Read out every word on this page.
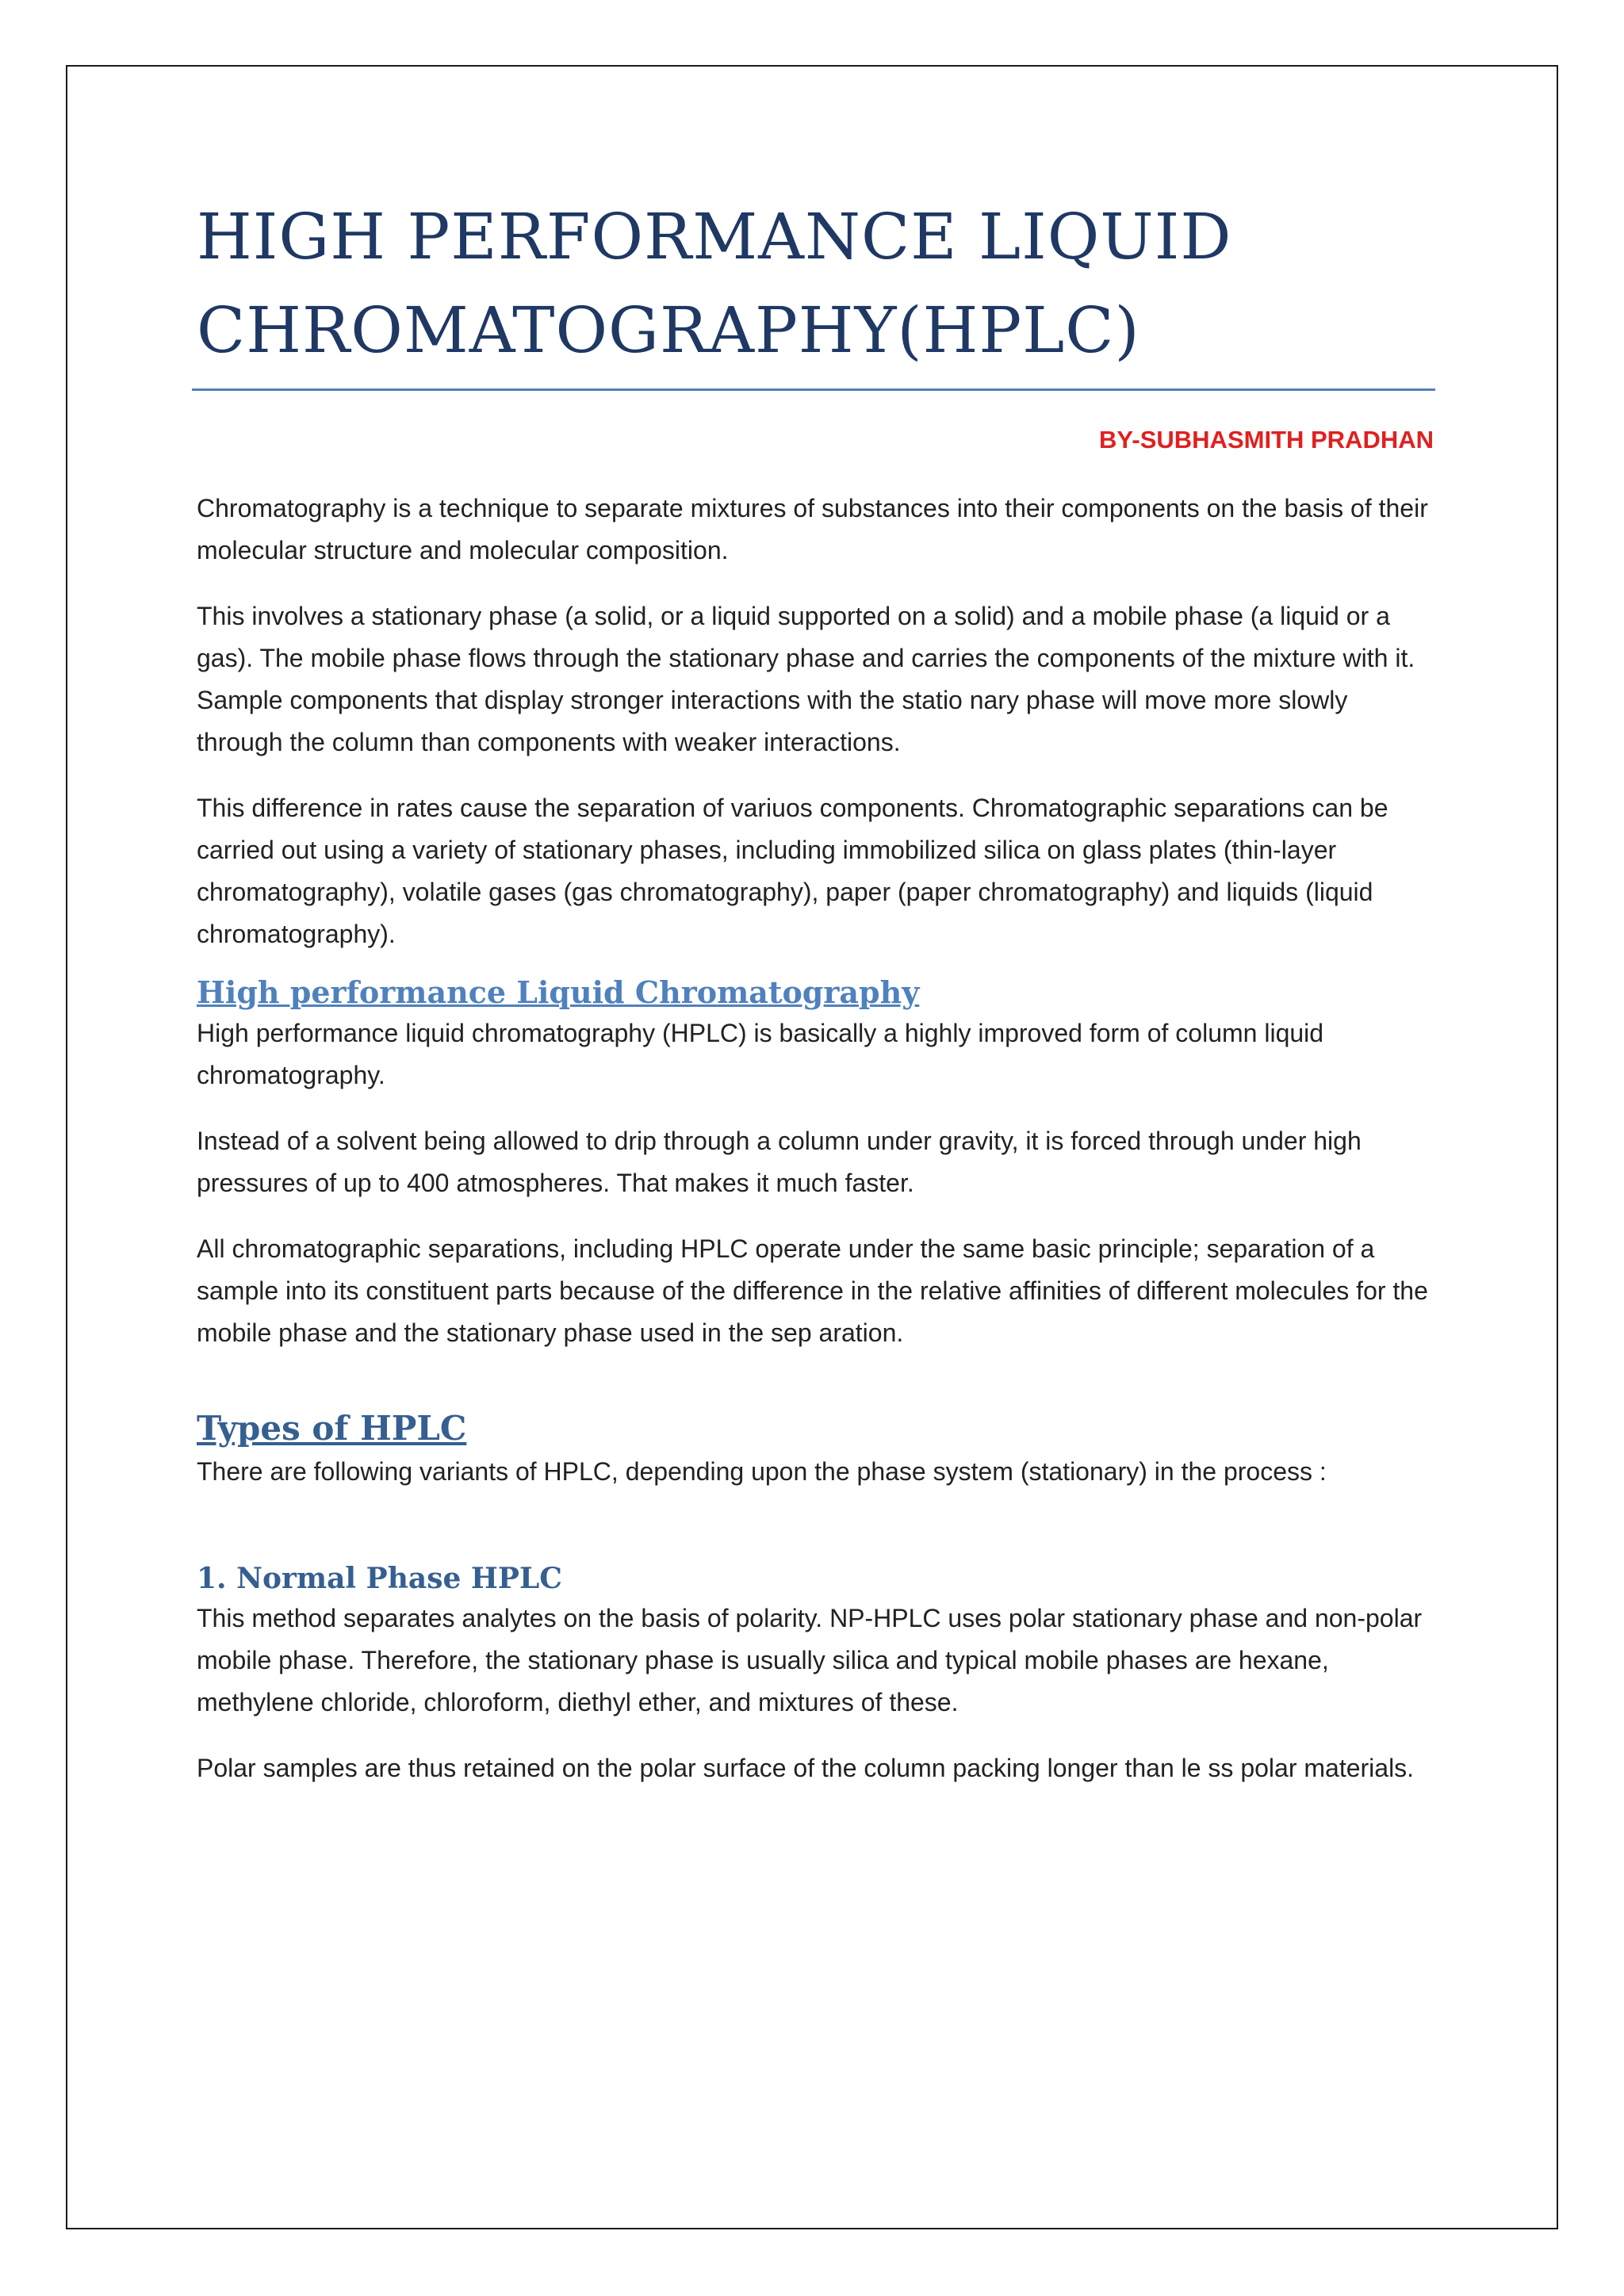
HIGH PERFORMANCE LIQUID
CHROMATOGRAPHY(HPLC)

BY-SUBHASMITH PRADHAN

Chromatography is a technique to separate mixtures of substances into their components on the basis of their molecular structure and molecular composition.

This involves a stationary phase (a solid, or a liquid supported on a solid) and a mobile phase (a liquid or a gas). The mobile phase flows through the stationary phase and carries the components of the mixture with it. Sample components that display stronger interactions with the statio nary phase will move more slowly through the column than components with weaker interactions.

This difference in rates cause the separation of variuos components. Chromatographic separations can be carried out using a variety of stationary phases, including immobilized silica on glass plates (thin-layer chromatography), volatile gases (gas chromatography), paper (paper chromatography) and liquids (liquid chromatography).

High performance Liquid Chromatography

High performance liquid chromatography (HPLC) is basically a highly improved form of column liquid chromatography.

Instead of a solvent being allowed to drip through a column under gravity, it is forced through under high pressures of up to 400 atmospheres. That makes it much faster.

All chromatographic separations, including HPLC operate under the same basic principle; separation of a sample into its constituent parts because of the difference in the relative affinities of different molecules for the mobile phase and the stationary phase used in the sep aration.

Types of HPLC

There are following variants of HPLC, depending upon the phase system (stationary) in the process :

1. Normal Phase HPLC

This method separates analytes on the basis of polarity. NP-HPLC uses polar stationary phase and non-polar mobile phase. Therefore, the stationary phase is usually silica and typical mobile phases are hexane, methylene chloride, chloroform, diethyl ether, and mixtures of these.

Polar samples are thus retained on the polar surface of the column packing longer than le ss polar materials.
